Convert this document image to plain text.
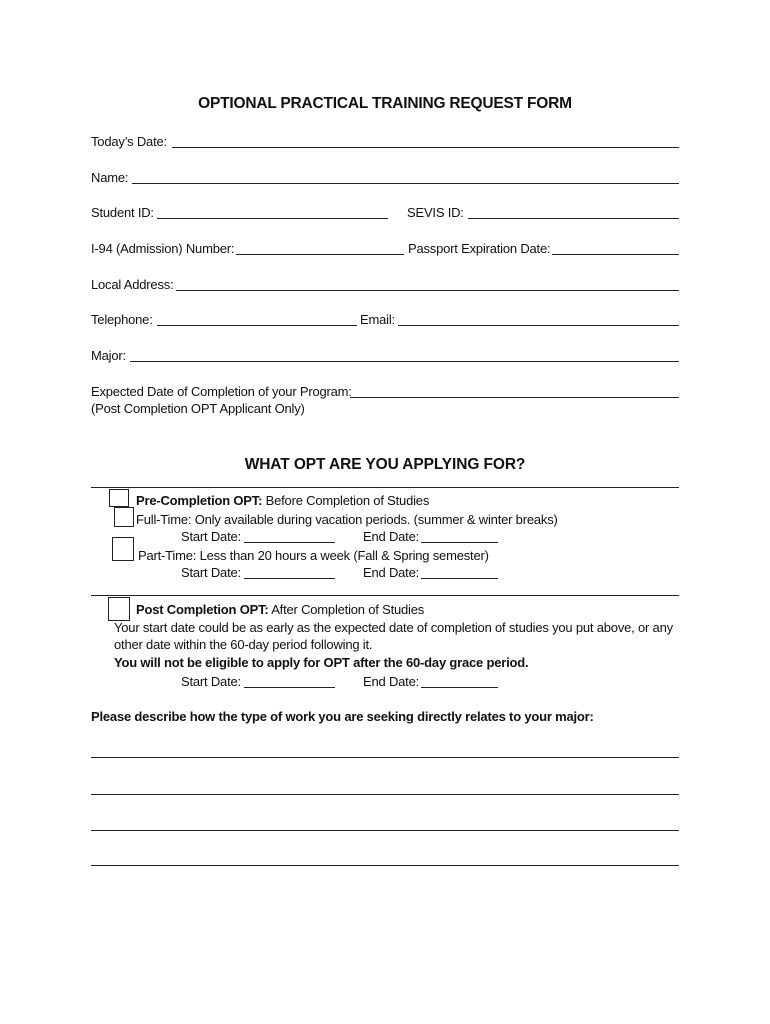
OPTIONAL PRACTICAL TRAINING REQUEST FORM
Today’s Date:
Name:
Student ID:	SEVIS ID:
I-94 (Admission) Number:	Passport Expiration Date:
Local Address:
Telephone:	Email:
Major:
Expected Date of Completion of your Program:
(Post Completion OPT Applicant Only)
WHAT OPT ARE YOU APPLYING FOR?
Pre-Completion OPT: Before Completion of Studies
Full-Time: Only available during vacation periods. (summer & winter breaks)
Start Date:	End Date:
Part-Time: Less than 20 hours a week (Fall & Spring semester)
Start Date:	End Date:
Post Completion OPT: After Completion of Studies
Your start date could be as early as the expected date of completion of studies you put above, or any
other date within the 60-day period following it.
You will not be eligible to apply for OPT after the 60-day grace period.
Start Date:	End Date:
Please describe how the type of work you are seeking directly relates to your major:
